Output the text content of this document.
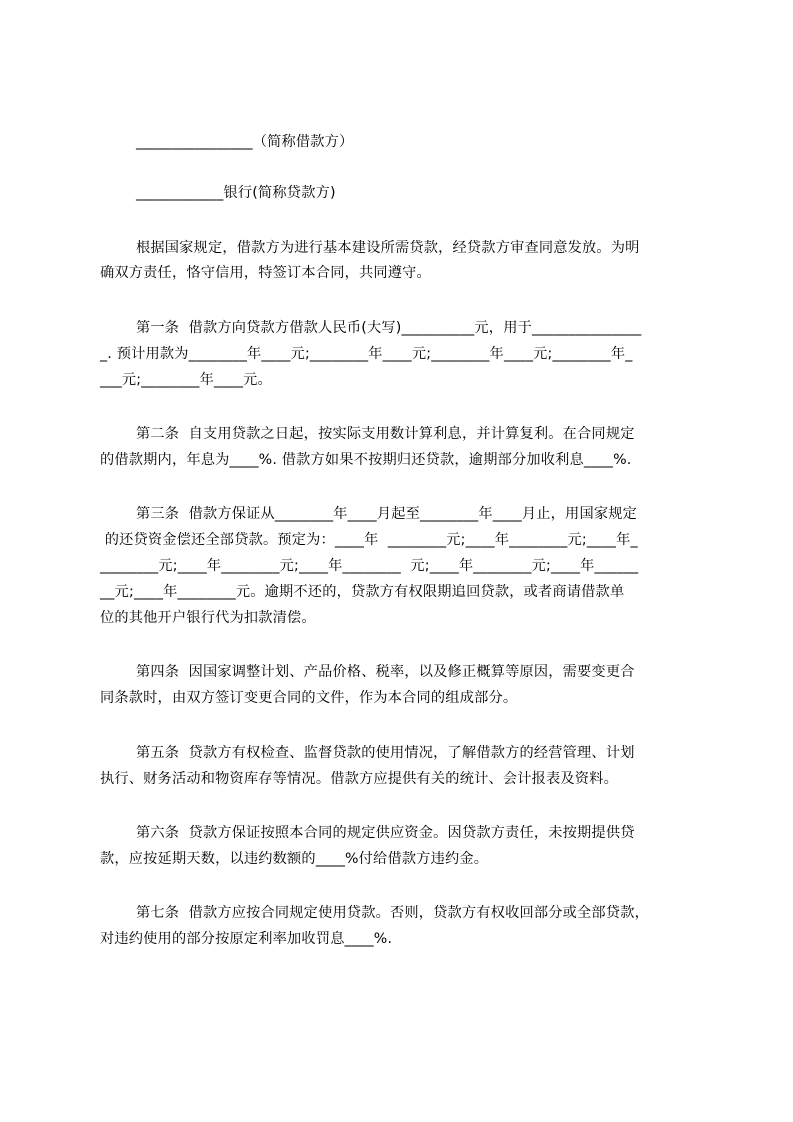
________________（简称借款方）
____________银行(简称贷款方)
根据国家规定，借款方为进行基本建设所需贷款，经贷款方审查同意发放。为明
确双方责任，恪守信用，特签订本合同，共同遵守。
第一条  借款方向贷款方借款人民币(大写)__________元，用于_______________
_. 预计用款为________年____元;________年____元;________年____元;________年_
___元;________年____元。
第二条  自支用贷款之日起，按实际支用数计算利息，并计算复利。在合同规定
的借款期内，年息为____%. 借款方如果不按期归还贷款，逾期部分加收利息____%.
第三条  借款方保证从________年____月起至________年____月止，用国家规定
的还贷资金偿还全部贷款。预定为：____年  ________元;____年________元;____年_
________元;____年________元;____年________  元;____年________元;____年______
__元;____年________元。逾期不还的，贷款方有权限期追回贷款，或者商请借款单
位的其他开户银行代为扣款清偿。
第四条  因国家调整计划、产品价格、税率，以及修正概算等原因，需要变更合
同条款时，由双方签订变更合同的文件，作为本合同的组成部分。
第五条  贷款方有权检查、监督贷款的使用情况，了解借款方的经营管理、计划
执行、财务活动和物资库存等情况。借款方应提供有关的统计、会计报表及资料。
第六条  贷款方保证按照本合同的规定供应资金。因贷款方责任，未按期提供贷
款，应按延期天数，以违约数额的____%付给借款方违约金。
第七条  借款方应按合同规定使用贷款。否则，贷款方有权收回部分或全部贷款，
对违约使用的部分按原定利率加收罚息____%.
